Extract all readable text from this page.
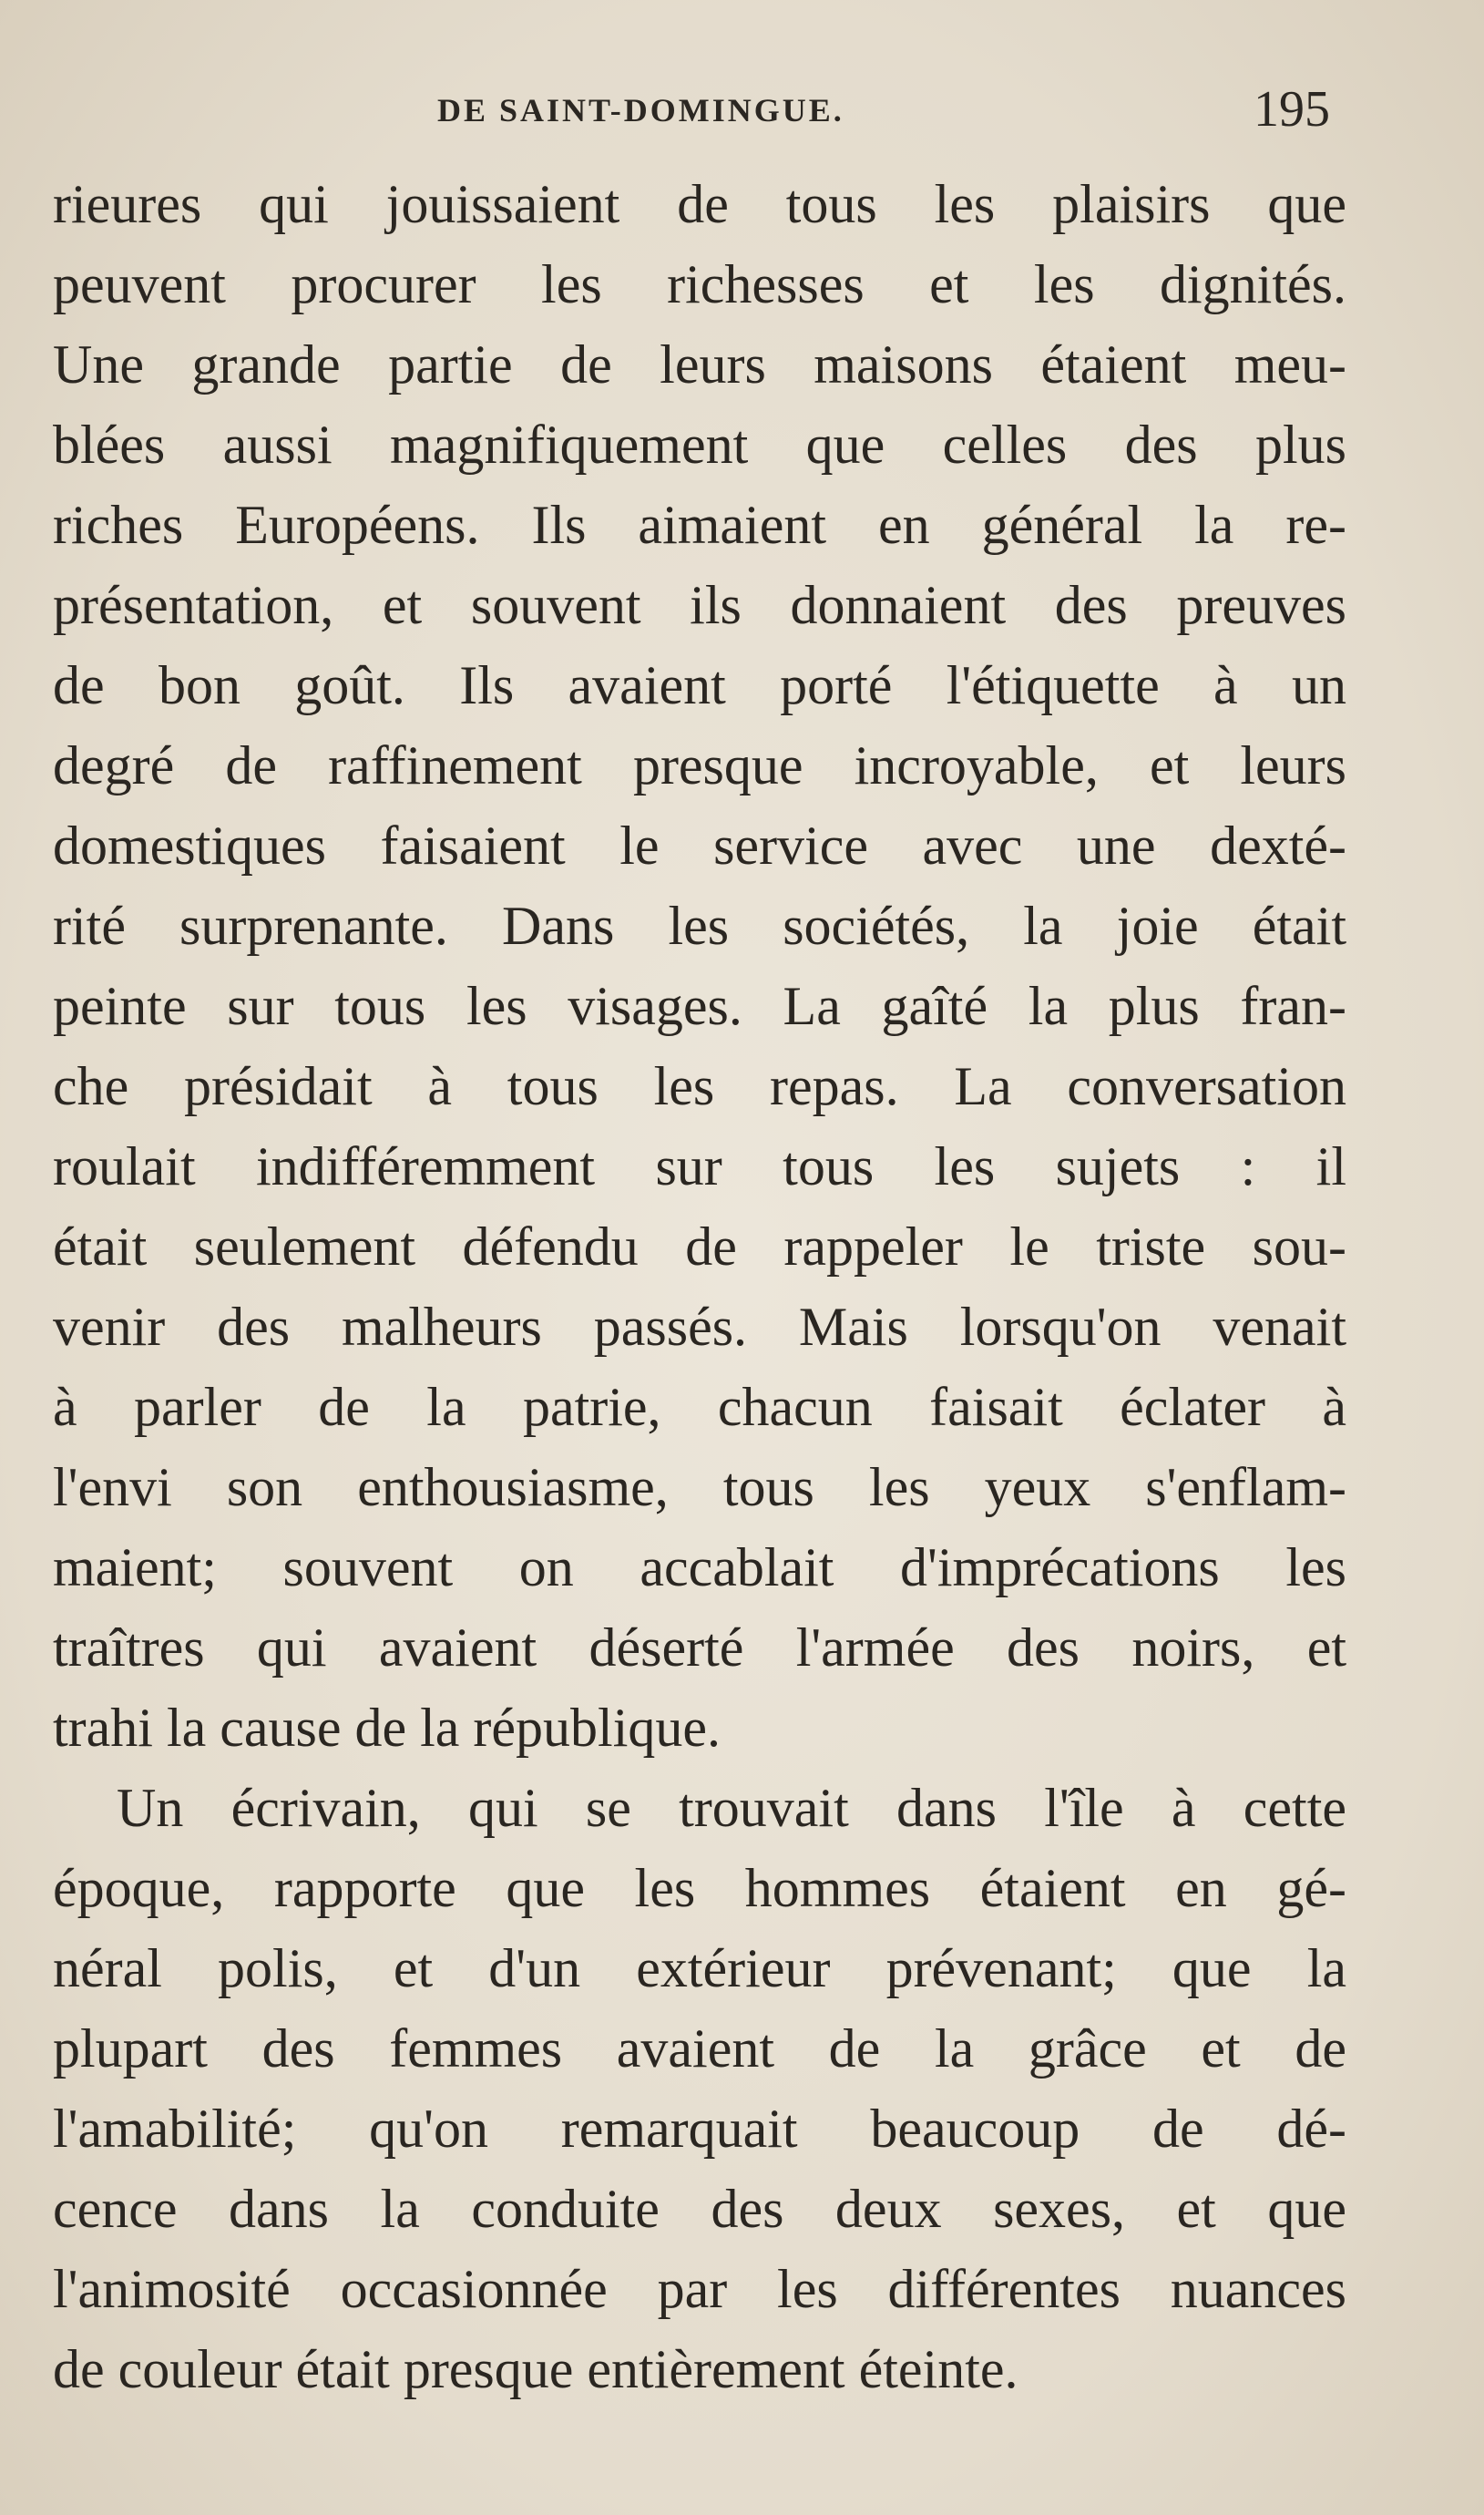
DE SAINT-DOMINGUE.	195
rieures qui jouissaient de tous les plaisirs que
peuvent procurer les richesses et les dignités.
Une grande partie de leurs maisons étaient meu-
blées aussi magnifiquement que celles des plus
riches Européens. Ils aimaient en général la re-
présentation, et souvent ils donnaient des preuves
de bon goût. Ils avaient porté l'étiquette à un
degré de raffinement presque incroyable, et leurs
domestiques faisaient le service avec une dexté-
rité surprenante. Dans les sociétés, la joie était
peinte sur tous les visages. La gaîté la plus fran-
che présidait à tous les repas. La conversation
roulait indifféremment sur tous les sujets : il
était seulement défendu de rappeler le triste sou-
venir des malheurs passés. Mais lorsqu'on venait
à parler de la patrie, chacun faisait éclater à
l'envi son enthousiasme, tous les yeux s'enflam-
maient; souvent on accablait d'imprécations les
traîtres qui avaient déserté l'armée des noirs, et
trahi la cause de la république.
Un écrivain, qui se trouvait dans l'île à cette
époque, rapporte que les hommes étaient en gé-
néral polis, et d'un extérieur prévenant; que la
plupart des femmes avaient de la grâce et de
l'amabilité; qu'on remarquait beaucoup de dé-
cence dans la conduite des deux sexes, et que
l'animosité occasionnée par les différentes nuances
de couleur était presque entièrement éteinte.
